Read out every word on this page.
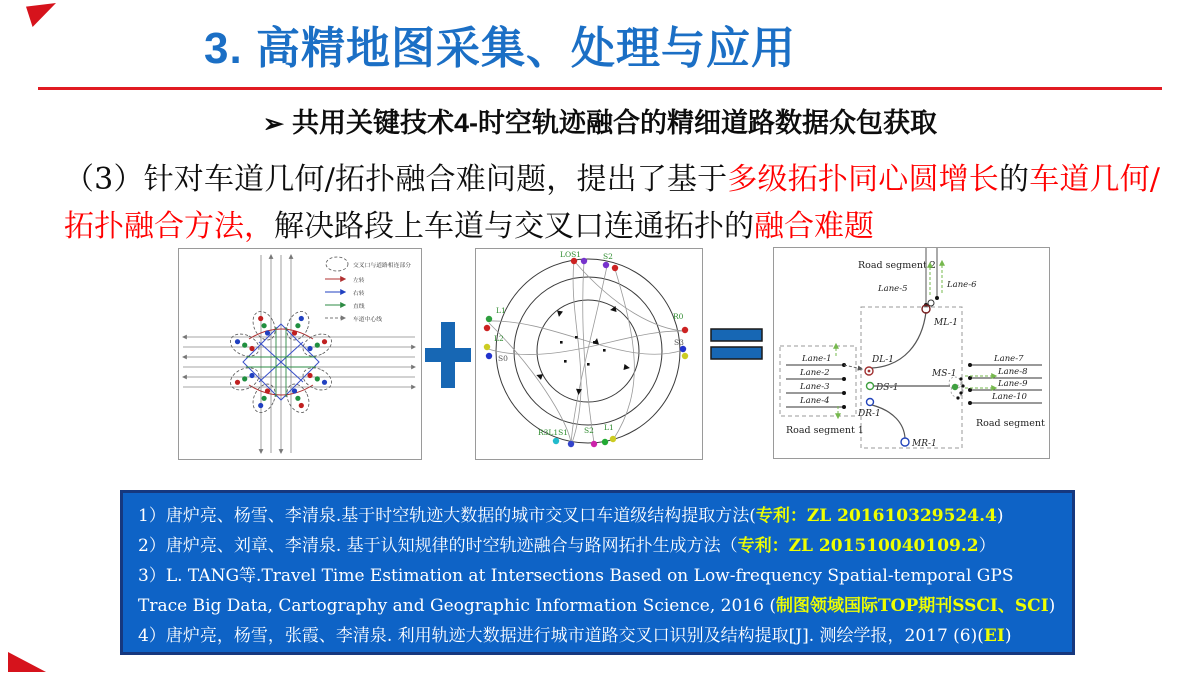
3. 高精地图采集、处理与应用
➢ 共用关键技术4-时空轨迹融合的精细道路数据众包获取
（3）针对车道几何/拓扑融合难问题，提出了基于多级拓扑同心圆增长的车道几何/拓扑融合方法，解决路段上车道与交叉口连通拓扑的融合难题
交叉口与道路相连部分
左转
右转
直线
车道中心线
LOS1	S2
L1
L2
S0
R0
S3
R3L1S1 S2 L1
Road segment 2
Lane-5	Lane-6
Lane-1
Lane-2
Lane-3
Lane-4
Road segment 1
DL-1
DS-1
DR-1
ML-1
MR-1
MS-1
Lane-7
Lane-8
Lane-9
Lane-10
Road segment 3
1）唐炉亮、杨雪、李清泉.基于时空轨迹大数据的城市交叉口车道级结构提取方法(专利：ZL 201610329524.4)
2）唐炉亮、刘章、李清泉. 基于认知规律的时空轨迹融合与路网拓扑生成方法（专利：ZL 201510040109.2）
3）L. TANG等.Travel Time Estimation at Intersections Based on Low-frequency Spatial-temporal GPS Trace Big Data, Cartography and Geographic Information Science, 2016 (制图领域国际TOP期刊SSCI、SCI)
4）唐炉亮，杨雪，张霞、李清泉. 利用轨迹大数据进行城市道路交叉口识别及结构提取[J]. 测绘学报，2017 (6)(EI)
